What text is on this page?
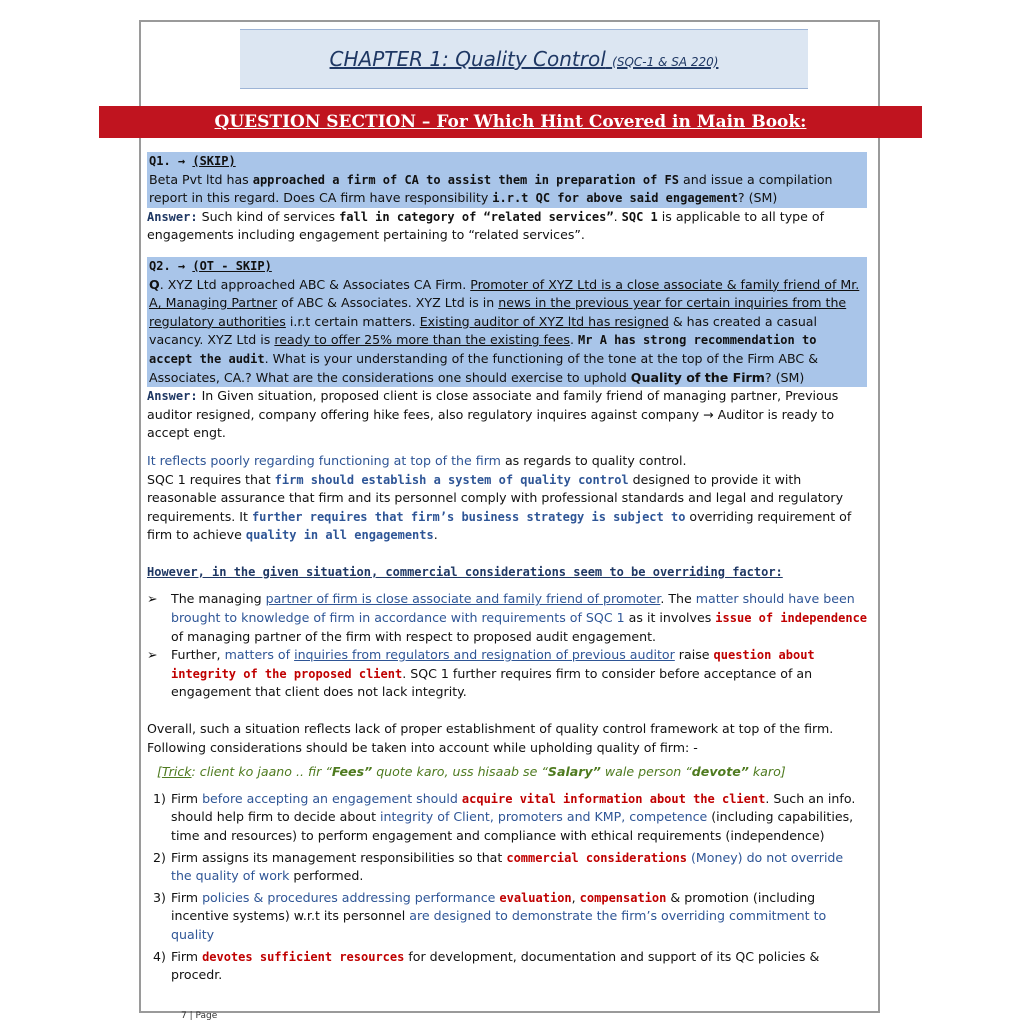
CHAPTER 1: Quality Control (SQC-1 & SA 220)
QUESTION SECTION – For Which Hint Covered in Main Book:

Q1. → (SKIP)
Beta Pvt ltd has approached a firm of CA to assist them in preparation of FS and issue a compilation report in this regard. Does CA firm have responsibility i.r.t QC for above said engagement? (SM)

Answer: Such kind of services fall in category of “related services”. SQC 1 is applicable to all type of engagements including engagement pertaining to “related services”.

Q2. → (OT - SKIP)
Q. XYZ Ltd approached ABC & Associates CA Firm. Promoter of XYZ Ltd is a close associate & family friend of Mr. A, Managing Partner of ABC & Associates. XYZ Ltd is in news in the previous year for certain inquiries from the regulatory authorities i.r.t certain matters. Existing auditor of XYZ ltd has resigned & has created a casual vacancy. XYZ Ltd is ready to offer 25% more than the existing fees. Mr A has strong recommendation to accept the audit. What is your understanding of the functioning of the tone at the top of the Firm ABC & Associates, CA.? What are the considerations one should exercise to uphold Quality of the Firm? (SM)

Answer: In Given situation, proposed client is close associate and family friend of managing partner, Previous auditor resigned, company offering hike fees, also regulatory inquires against company → Auditor is ready to accept engt.

It reflects poorly regarding functioning at top of the firm as regards to quality control.

SQC 1 requires that firm should establish a system of quality control designed to provide it with reasonable assurance that firm and its personnel comply with professional standards and legal and regulatory requirements. It further requires that firm’s business strategy is subject to overriding requirement of firm to achieve quality in all engagements.

However, in the given situation, commercial considerations seem to be overriding factor:

➢ The managing partner of firm is close associate and family friend of promoter. The matter should have been brought to knowledge of firm in accordance with requirements of SQC 1 as it involves issue of independence of managing partner of the firm with respect to proposed audit engagement.
➢ Further, matters of inquiries from regulators and resignation of previous auditor raise question about integrity of the proposed client. SQC 1 further requires firm to consider before acceptance of an engagement that client does not lack integrity.

Overall, such a situation reflects lack of proper establishment of quality control framework at top of the firm. Following considerations should be taken into account while upholding quality of firm: -

[Trick: client ko jaano .. fir “Fees” quote karo, uss hisaab se “Salary” wale person “devote” karo]

1) Firm before accepting an engagement should acquire vital information about the client. Such an info. should help firm to decide about integrity of Client, promoters and KMP, competence (including capabilities, time and resources) to perform engagement and compliance with ethical requirements (independence)
2) Firm assigns its management responsibilities so that commercial considerations (Money) do not override the quality of work performed.
3) Firm policies & procedures addressing performance evaluation, compensation & promotion (including incentive systems) w.r.t its personnel are designed to demonstrate the firm’s overriding commitment to quality
4) Firm devotes sufficient resources for development, documentation and support of its QC policies & procedr.
7 | Page
